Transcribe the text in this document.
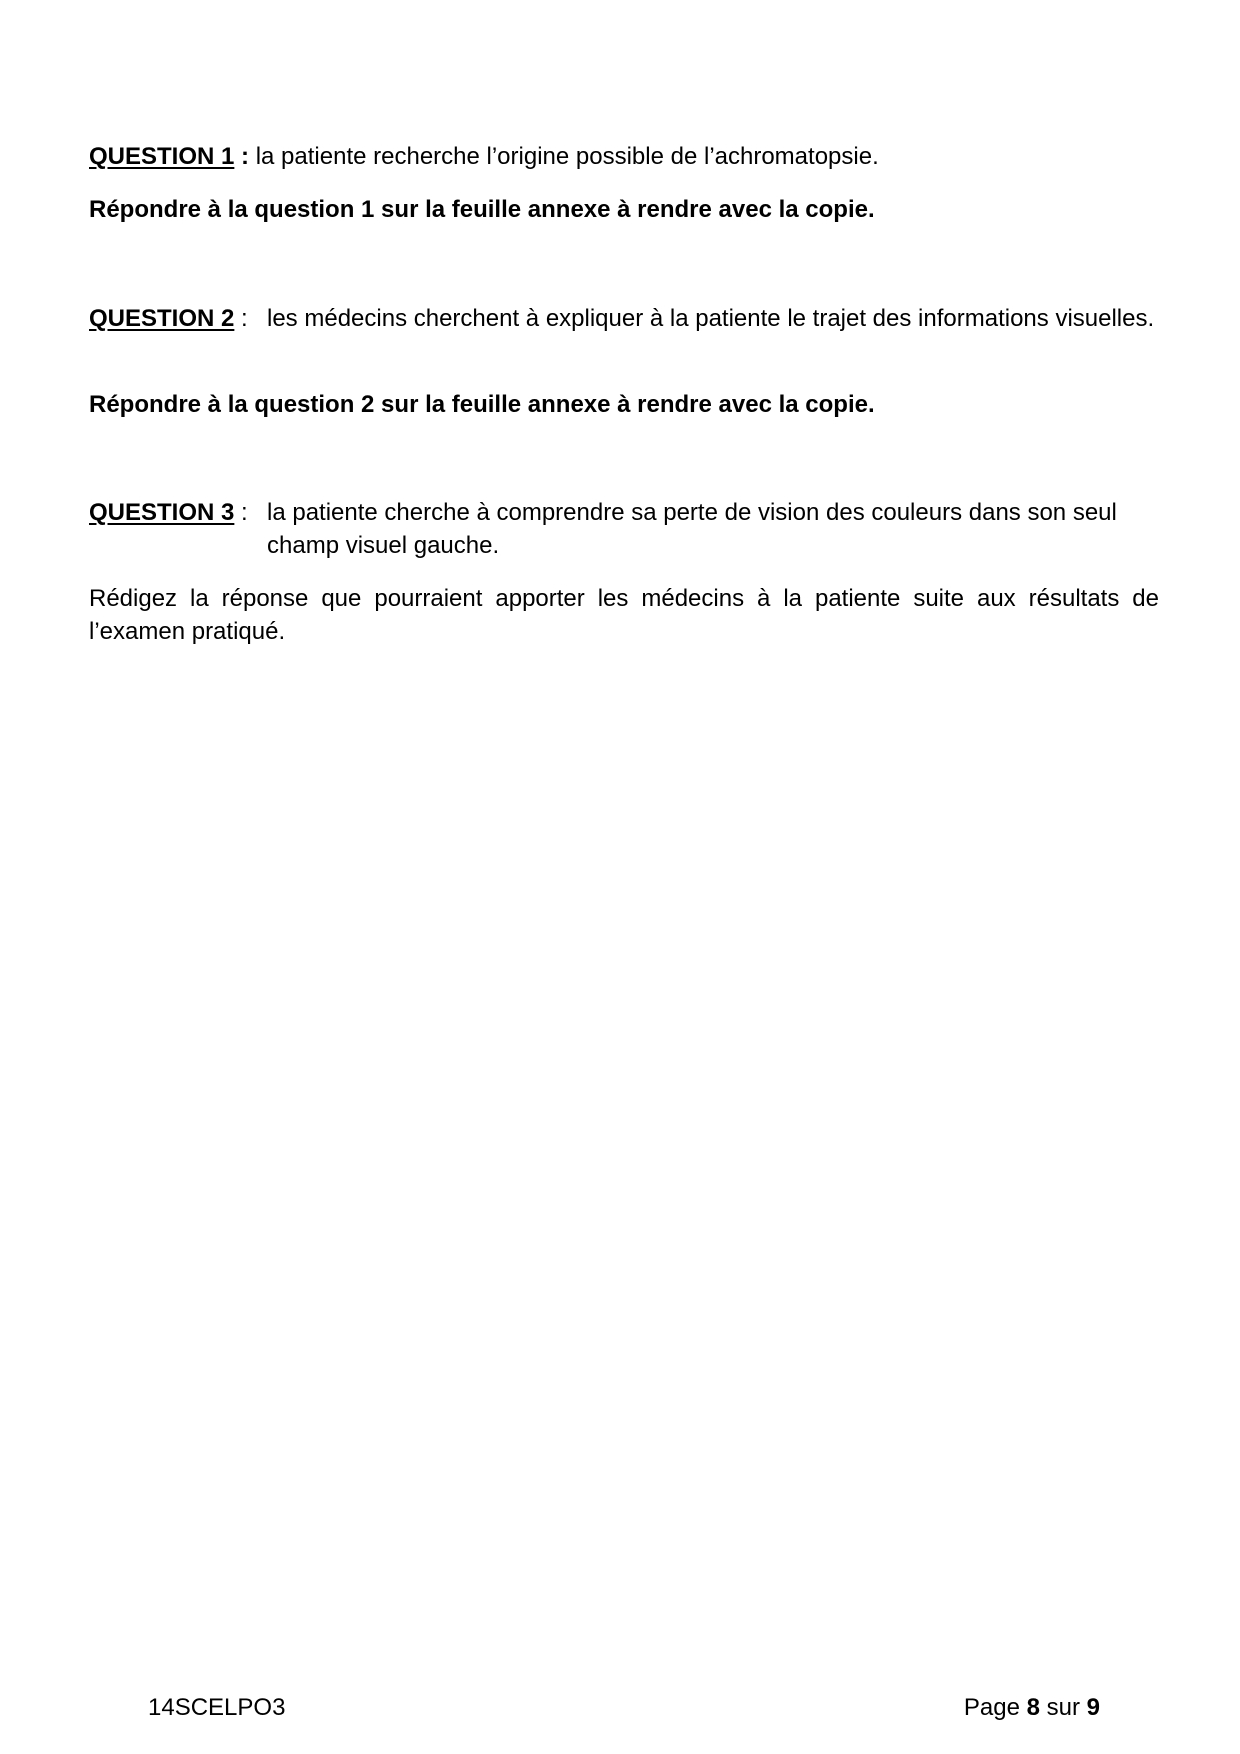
QUESTION 1 : la patiente recherche l’origine possible de l’achromatopsie.
Répondre à la question 1 sur la feuille annexe à rendre avec la copie.
QUESTION 2 : les médecins cherchent à expliquer à la patiente le trajet des informations visuelles.
Répondre à la question 2 sur la feuille annexe à rendre avec la copie.
QUESTION 3 : la patiente cherche à comprendre sa perte de vision des couleurs dans son seul champ visuel gauche.
Rédigez la réponse que pourraient apporter les médecins à la patiente suite aux résultats de l’examen pratiqué.
14SCELPO3	Page 8 sur 9
